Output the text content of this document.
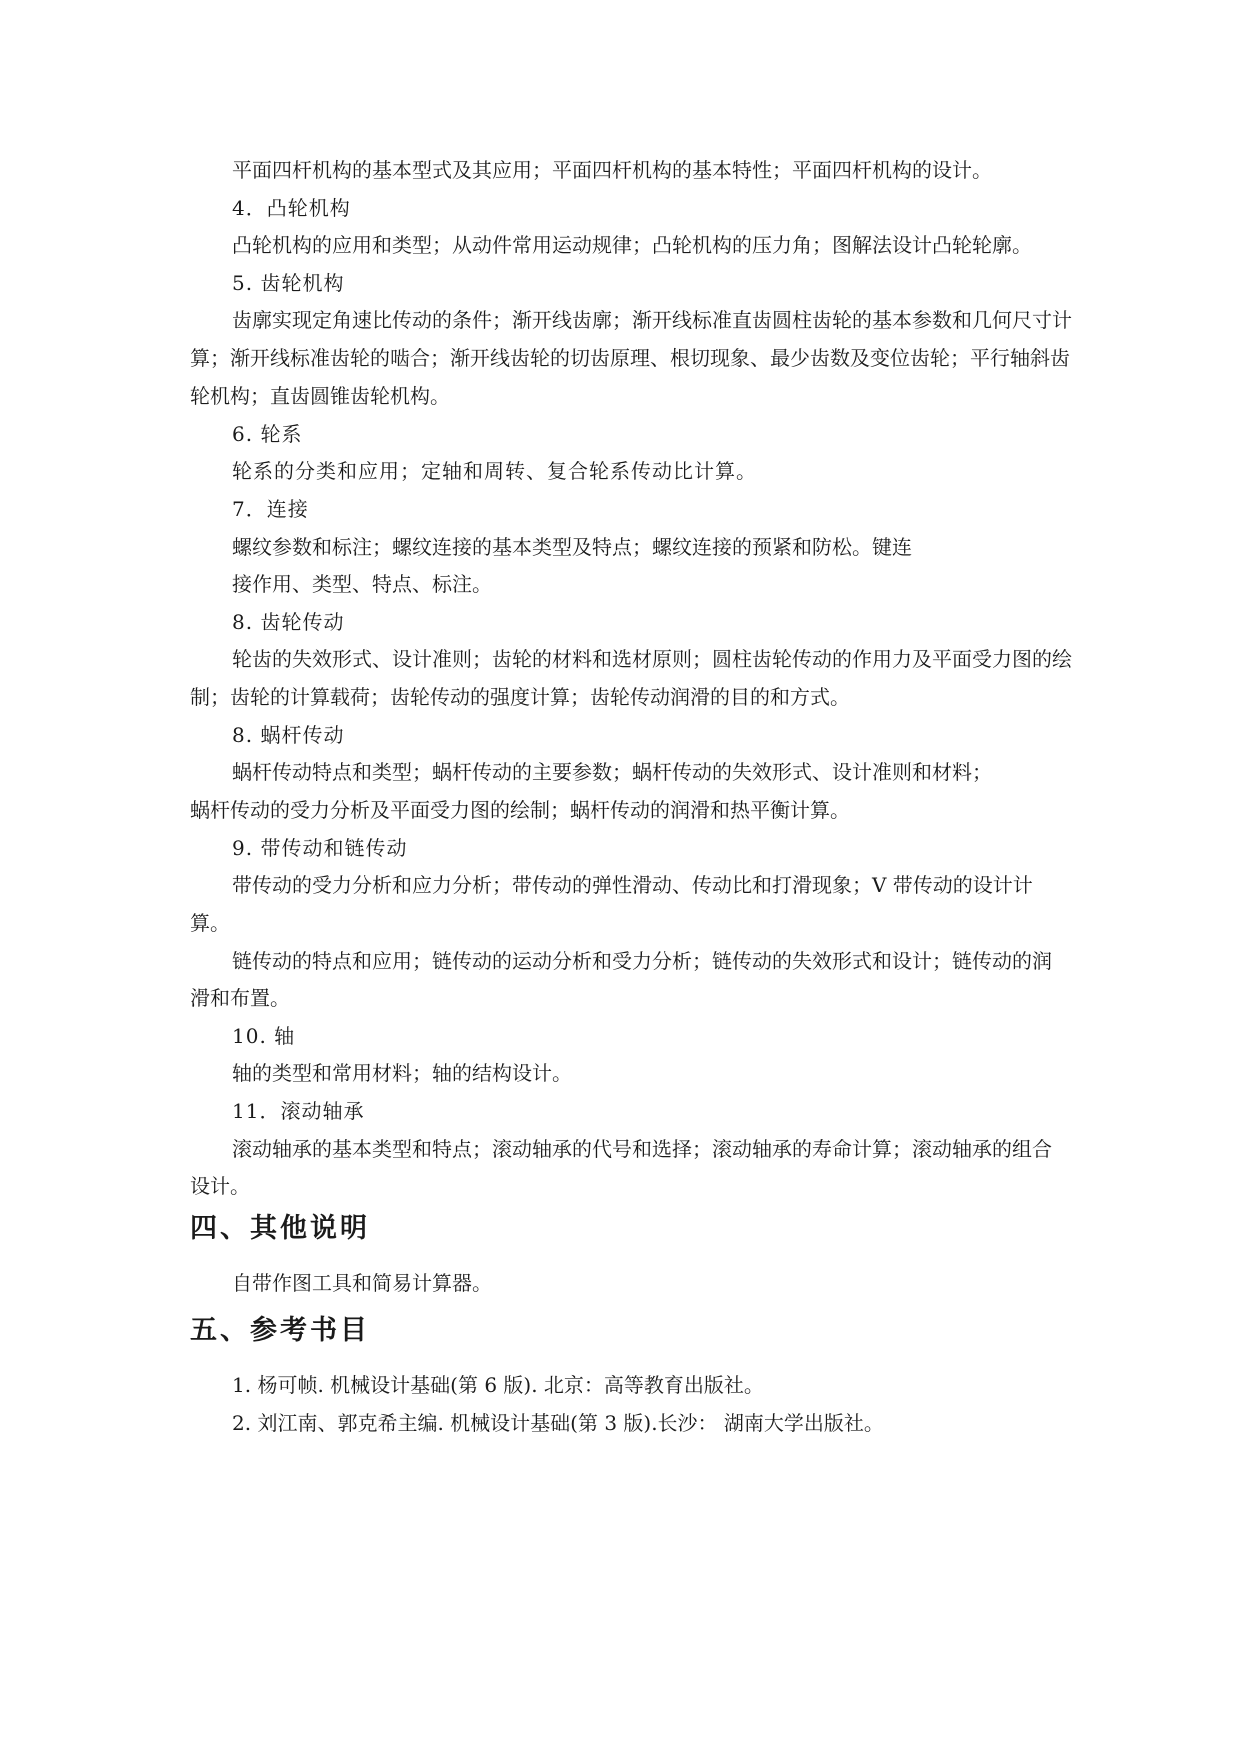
平面四杆机构的基本型式及其应用；平面四杆机构的基本特性；平面四杆机构的设计。
4．凸轮机构
凸轮机构的应用和类型；从动件常用运动规律；凸轮机构的压力角；图解法设计凸轮轮廓。
5. 齿轮机构
齿廓实现定角速比传动的条件；渐开线齿廓；渐开线标准直齿圆柱齿轮的基本参数和几何尺寸计
算；渐开线标准齿轮的啮合；渐开线齿轮的切齿原理、根切现象、最少齿数及变位齿轮；平行轴斜齿
轮机构；直齿圆锥齿轮机构。
6. 轮系
轮系的分类和应用；定轴和周转、复合轮系传动比计算。
7．连接
螺纹参数和标注；螺纹连接的基本类型及特点；螺纹连接的预紧和防松。键连
接作用、类型、特点、标注。
8. 齿轮传动
轮齿的失效形式、设计准则；齿轮的材料和选材原则；圆柱齿轮传动的作用力及平面受力图的绘
制；齿轮的计算载荷；齿轮传动的强度计算；齿轮传动润滑的目的和方式。
8. 蜗杆传动
蜗杆传动特点和类型；蜗杆传动的主要参数；蜗杆传动的失效形式、设计准则和材料；
蜗杆传动的受力分析及平面受力图的绘制；蜗杆传动的润滑和热平衡计算。
9. 带传动和链传动
带传动的受力分析和应力分析；带传动的弹性滑动、传动比和打滑现象；V 带传动的设计计
算。
链传动的特点和应用；链传动的运动分析和受力分析；链传动的失效形式和设计；链传动的润
滑和布置。
10. 轴
轴的类型和常用材料；轴的结构设计。
11．滚动轴承
滚动轴承的基本类型和特点；滚动轴承的代号和选择；滚动轴承的寿命计算；滚动轴承的组合
设计。
四、其他说明
自带作图工具和简易计算器。
五、参考书目
1. 杨可帧. 机械设计基础(第 6 版). 北京：高等教育出版社。
2. 刘江南、郭克希主编. 机械设计基础(第 3 版).长沙： 湖南大学出版社。
